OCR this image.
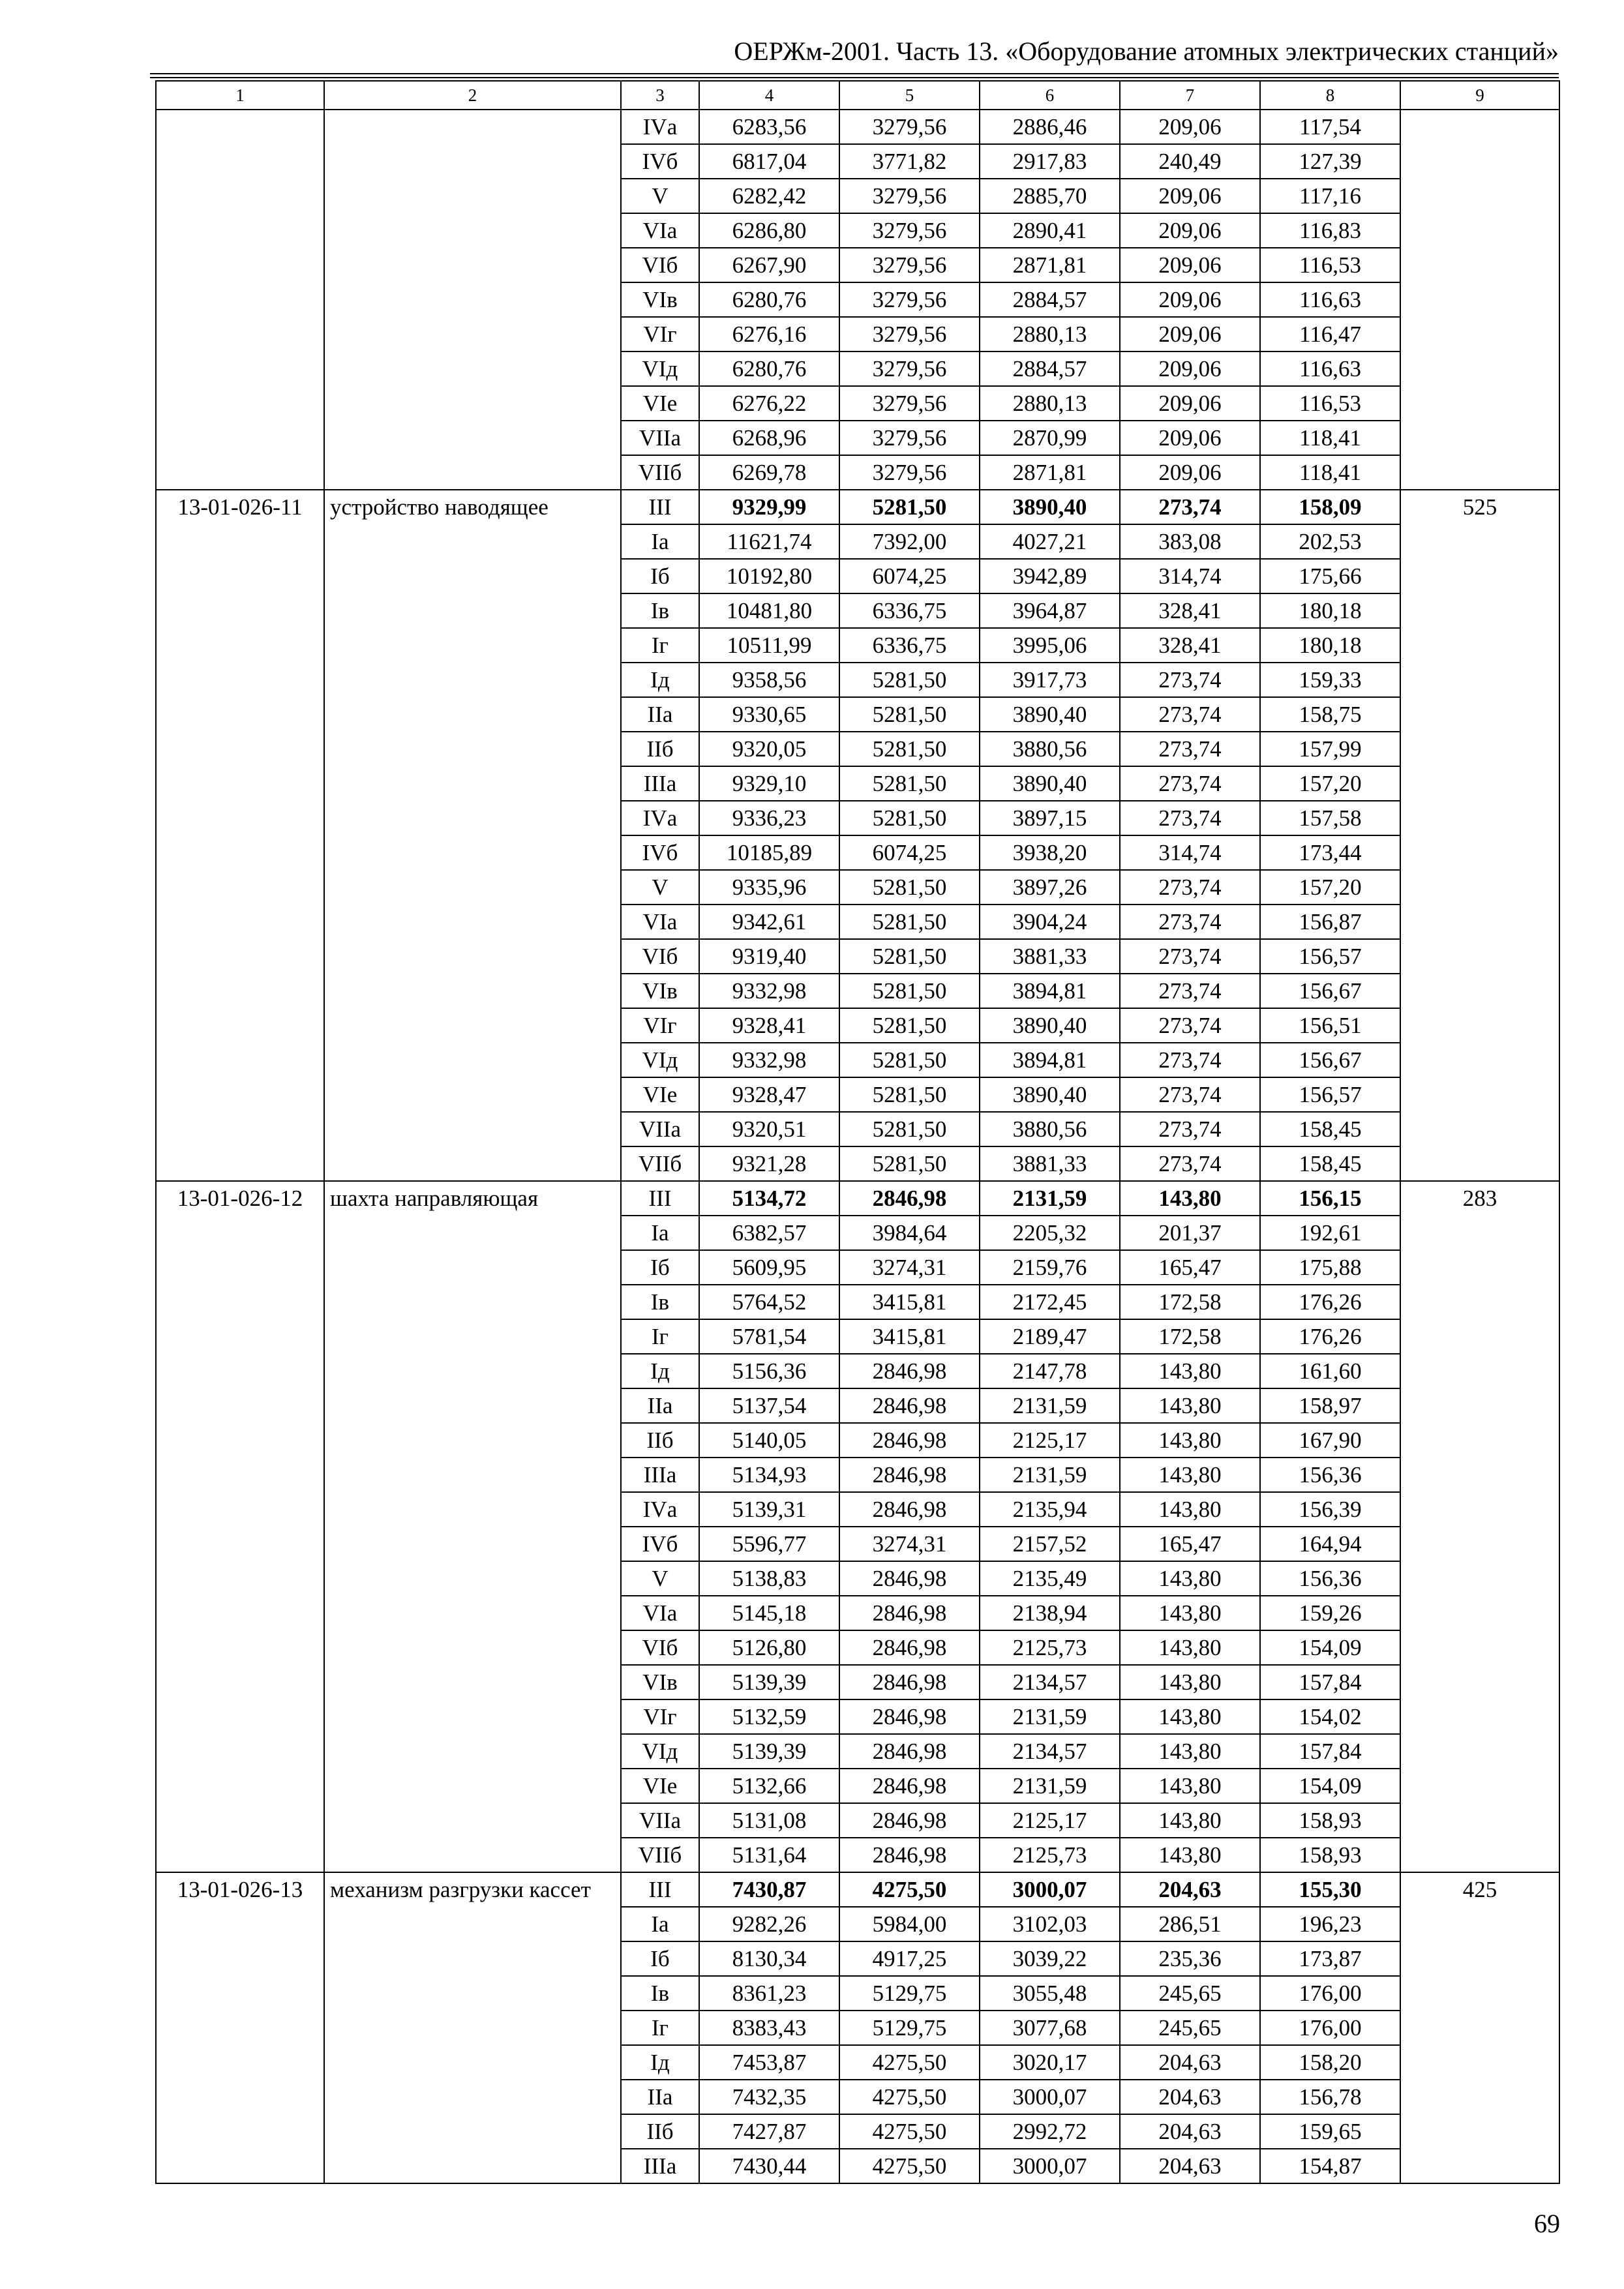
ОЕРЖм-2001. Часть 13. «Оборудование атомных электрических станций»
1	2	3	4	5	6	7	8	9
		IVа	6283,56	3279,56	2886,46	209,06	117,54	
		IVб	6817,04	3771,82	2917,83	240,49	127,39	
		V	6282,42	3279,56	2885,70	209,06	117,16	
		VIа	6286,80	3279,56	2890,41	209,06	116,83	
		VIб	6267,90	3279,56	2871,81	209,06	116,53	
		VIв	6280,76	3279,56	2884,57	209,06	116,63	
		VIг	6276,16	3279,56	2880,13	209,06	116,47	
		VIд	6280,76	3279,56	2884,57	209,06	116,63	
		VIе	6276,22	3279,56	2880,13	209,06	116,53	
		VIIа	6268,96	3279,56	2870,99	209,06	118,41	
		VIIб	6269,78	3279,56	2871,81	209,06	118,41	
13-01-026-11	устройство наводящее	III	9329,99	5281,50	3890,40	273,74	158,09	525
		Iа	11621,74	7392,00	4027,21	383,08	202,53	
		Iб	10192,80	6074,25	3942,89	314,74	175,66	
		Iв	10481,80	6336,75	3964,87	328,41	180,18	
		Iг	10511,99	6336,75	3995,06	328,41	180,18	
		Iд	9358,56	5281,50	3917,73	273,74	159,33	
		IIа	9330,65	5281,50	3890,40	273,74	158,75	
		IIб	9320,05	5281,50	3880,56	273,74	157,99	
		IIIа	9329,10	5281,50	3890,40	273,74	157,20	
		IVа	9336,23	5281,50	3897,15	273,74	157,58	
		IVб	10185,89	6074,25	3938,20	314,74	173,44	
		V	9335,96	5281,50	3897,26	273,74	157,20	
		VIа	9342,61	5281,50	3904,24	273,74	156,87	
		VIб	9319,40	5281,50	3881,33	273,74	156,57	
		VIв	9332,98	5281,50	3894,81	273,74	156,67	
		VIг	9328,41	5281,50	3890,40	273,74	156,51	
		VIд	9332,98	5281,50	3894,81	273,74	156,67	
		VIе	9328,47	5281,50	3890,40	273,74	156,57	
		VIIа	9320,51	5281,50	3880,56	273,74	158,45	
		VIIб	9321,28	5281,50	3881,33	273,74	158,45	
13-01-026-12	шахта направляющая	III	5134,72	2846,98	2131,59	143,80	156,15	283
		Iа	6382,57	3984,64	2205,32	201,37	192,61	
		Iб	5609,95	3274,31	2159,76	165,47	175,88	
		Iв	5764,52	3415,81	2172,45	172,58	176,26	
		Iг	5781,54	3415,81	2189,47	172,58	176,26	
		Iд	5156,36	2846,98	2147,78	143,80	161,60	
		IIа	5137,54	2846,98	2131,59	143,80	158,97	
		IIб	5140,05	2846,98	2125,17	143,80	167,90	
		IIIа	5134,93	2846,98	2131,59	143,80	156,36	
		IVа	5139,31	2846,98	2135,94	143,80	156,39	
		IVб	5596,77	3274,31	2157,52	165,47	164,94	
		V	5138,83	2846,98	2135,49	143,80	156,36	
		VIа	5145,18	2846,98	2138,94	143,80	159,26	
		VIб	5126,80	2846,98	2125,73	143,80	154,09	
		VIв	5139,39	2846,98	2134,57	143,80	157,84	
		VIг	5132,59	2846,98	2131,59	143,80	154,02	
		VIд	5139,39	2846,98	2134,57	143,80	157,84	
		VIе	5132,66	2846,98	2131,59	143,80	154,09	
		VIIа	5131,08	2846,98	2125,17	143,80	158,93	
		VIIб	5131,64	2846,98	2125,73	143,80	158,93	
13-01-026-13	механизм разгрузки кассет	III	7430,87	4275,50	3000,07	204,63	155,30	425
		Iа	9282,26	5984,00	3102,03	286,51	196,23	
		Iб	8130,34	4917,25	3039,22	235,36	173,87	
		Iв	8361,23	5129,75	3055,48	245,65	176,00	
		Iг	8383,43	5129,75	3077,68	245,65	176,00	
		Iд	7453,87	4275,50	3020,17	204,63	158,20	
		IIа	7432,35	4275,50	3000,07	204,63	156,78	
		IIб	7427,87	4275,50	2992,72	204,63	159,65	
		IIIа	7430,44	4275,50	3000,07	204,63	154,87	
69
